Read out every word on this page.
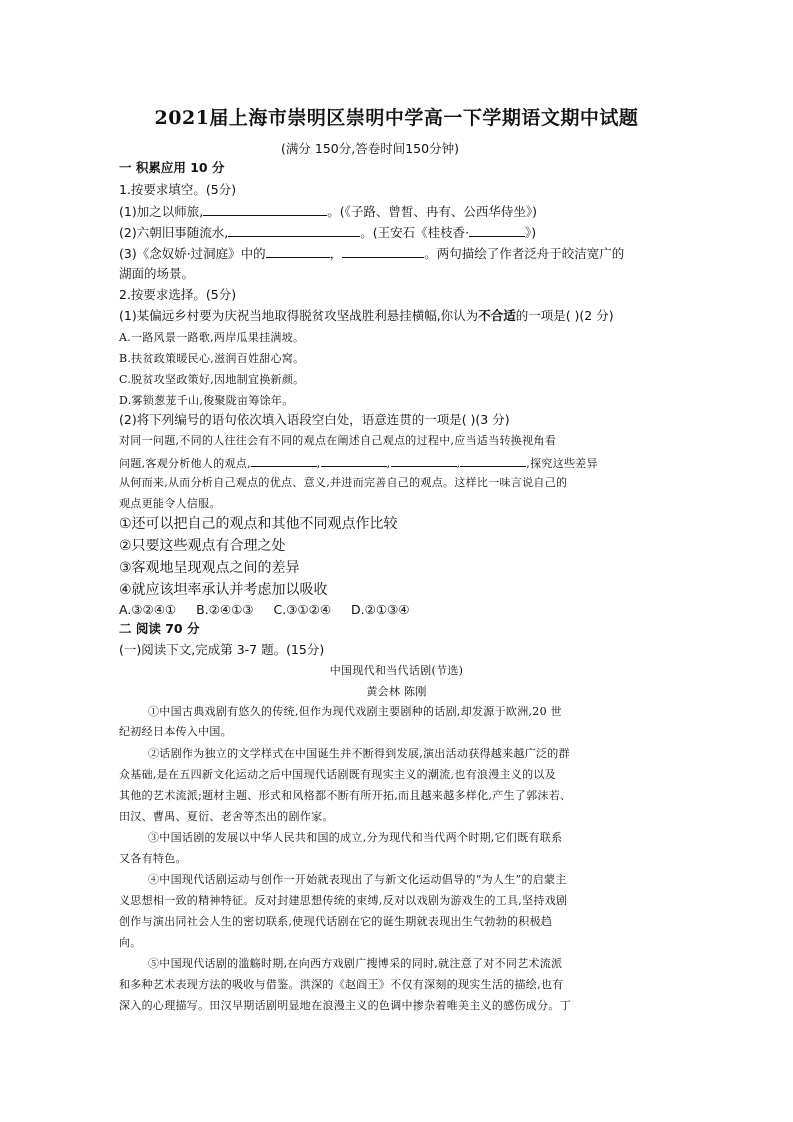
2021届上海市崇明区崇明中学高一下学期语文期中试题
(满分 150分,答卷时间150分钟)
一 积累应用 10 分
1.按要求填空。(5分)
(1)加之以师旅,	。(《子路、曾皙、冉有、公西华侍坐》)
(2)六朝旧事随流水,	。(王安石《桂枝香·	》)
(3)《念奴娇·过洞庭》中的	，	。两句描绘了作者泛舟于皎洁宽广的
湖面的场景。
2.按要求选择。(5分)
(1)某偏远乡村要为庆祝当地取得脱贫攻坚战胜利悬挂横幅,你认为不合适的一项是( )(2 分)
A.一路风景一路歌,两岸瓜果挂满坡。
B.扶贫政策暖民心,滋润百姓甜心窝。
C.脱贫攻坚政策好,因地制宜换新颜。
D.雾锁葱茏千山,俊聚陇亩筹馀年。
(2)将下列编号的语句依次填入语段空白处，语意连贯的一项是( )(3 分)
对同一问题,不同的人往往会有不同的观点在阐述自己观点的过程中,应当适当转换视角看
问题,客观分析他人的观点,	,	,	,	,探究这些差异
从何而来,从而分析自己观点的优点、意义,并进而完善自己的观点。这样比一味言说自己的
观点更能令人信服。
①还可以把自己的观点和其他不同观点作比较
②只要这些观点有合理之处
③客观地呈现观点之间的差异
④就应该坦率承认并考虑加以吸收
A.③②④① B.②④①③ C.③①②④ D.②①③④
二 阅读 70 分
(一)阅读下文,完成第 3-7 题。(15分)
中国现代和当代话剧(节选)
黄会林 陈刚
①中国古典戏剧有悠久的传统,但作为现代戏剧主要剧种的话剧,却发源于欧洲,20 世
纪初经日本传入中国。
②话剧作为独立的文学样式在中国诞生并不断得到发展,演出活动获得越来越广泛的群
众基础,是在五四新文化运动之后中国现代话剧既有现实主义的潮流,也有浪漫主义的以及
其他的艺术流派;题材主题、形式和风格都不断有所开拓,而且越来越多样化,产生了郭沫若、
田汉、曹禺、夏衍、老舍等杰出的剧作家。
③中国话剧的发展以中华人民共和国的成立,分为现代和当代两个时期,它们既有联系
又各有特色。
④中国现代话剧运动与创作一开始就表现出了与新文化运动倡导的“为人生”的启蒙主
义思想相一致的精神特征。反对封建思想传统的束缚,反对以戏剧为游戏生的工具,坚持戏剧
创作与演出同社会人生的密切联系,使现代话剧在它的诞生期就表现出生气勃勃的积极趋
向。
⑤中国现代话剧的滥觞时期,在向西方戏剧广搜博采的同时,就注意了对不同艺术流派
和多种艺术表现方法的吸收与借鉴。洪深的《赵阎王》不仅有深刻的现实生活的描绘,也有
深入的心理描写。田汉早期话剧明显地在浪漫主义的色调中掺杂着唯美主义的感伤成分。丁
